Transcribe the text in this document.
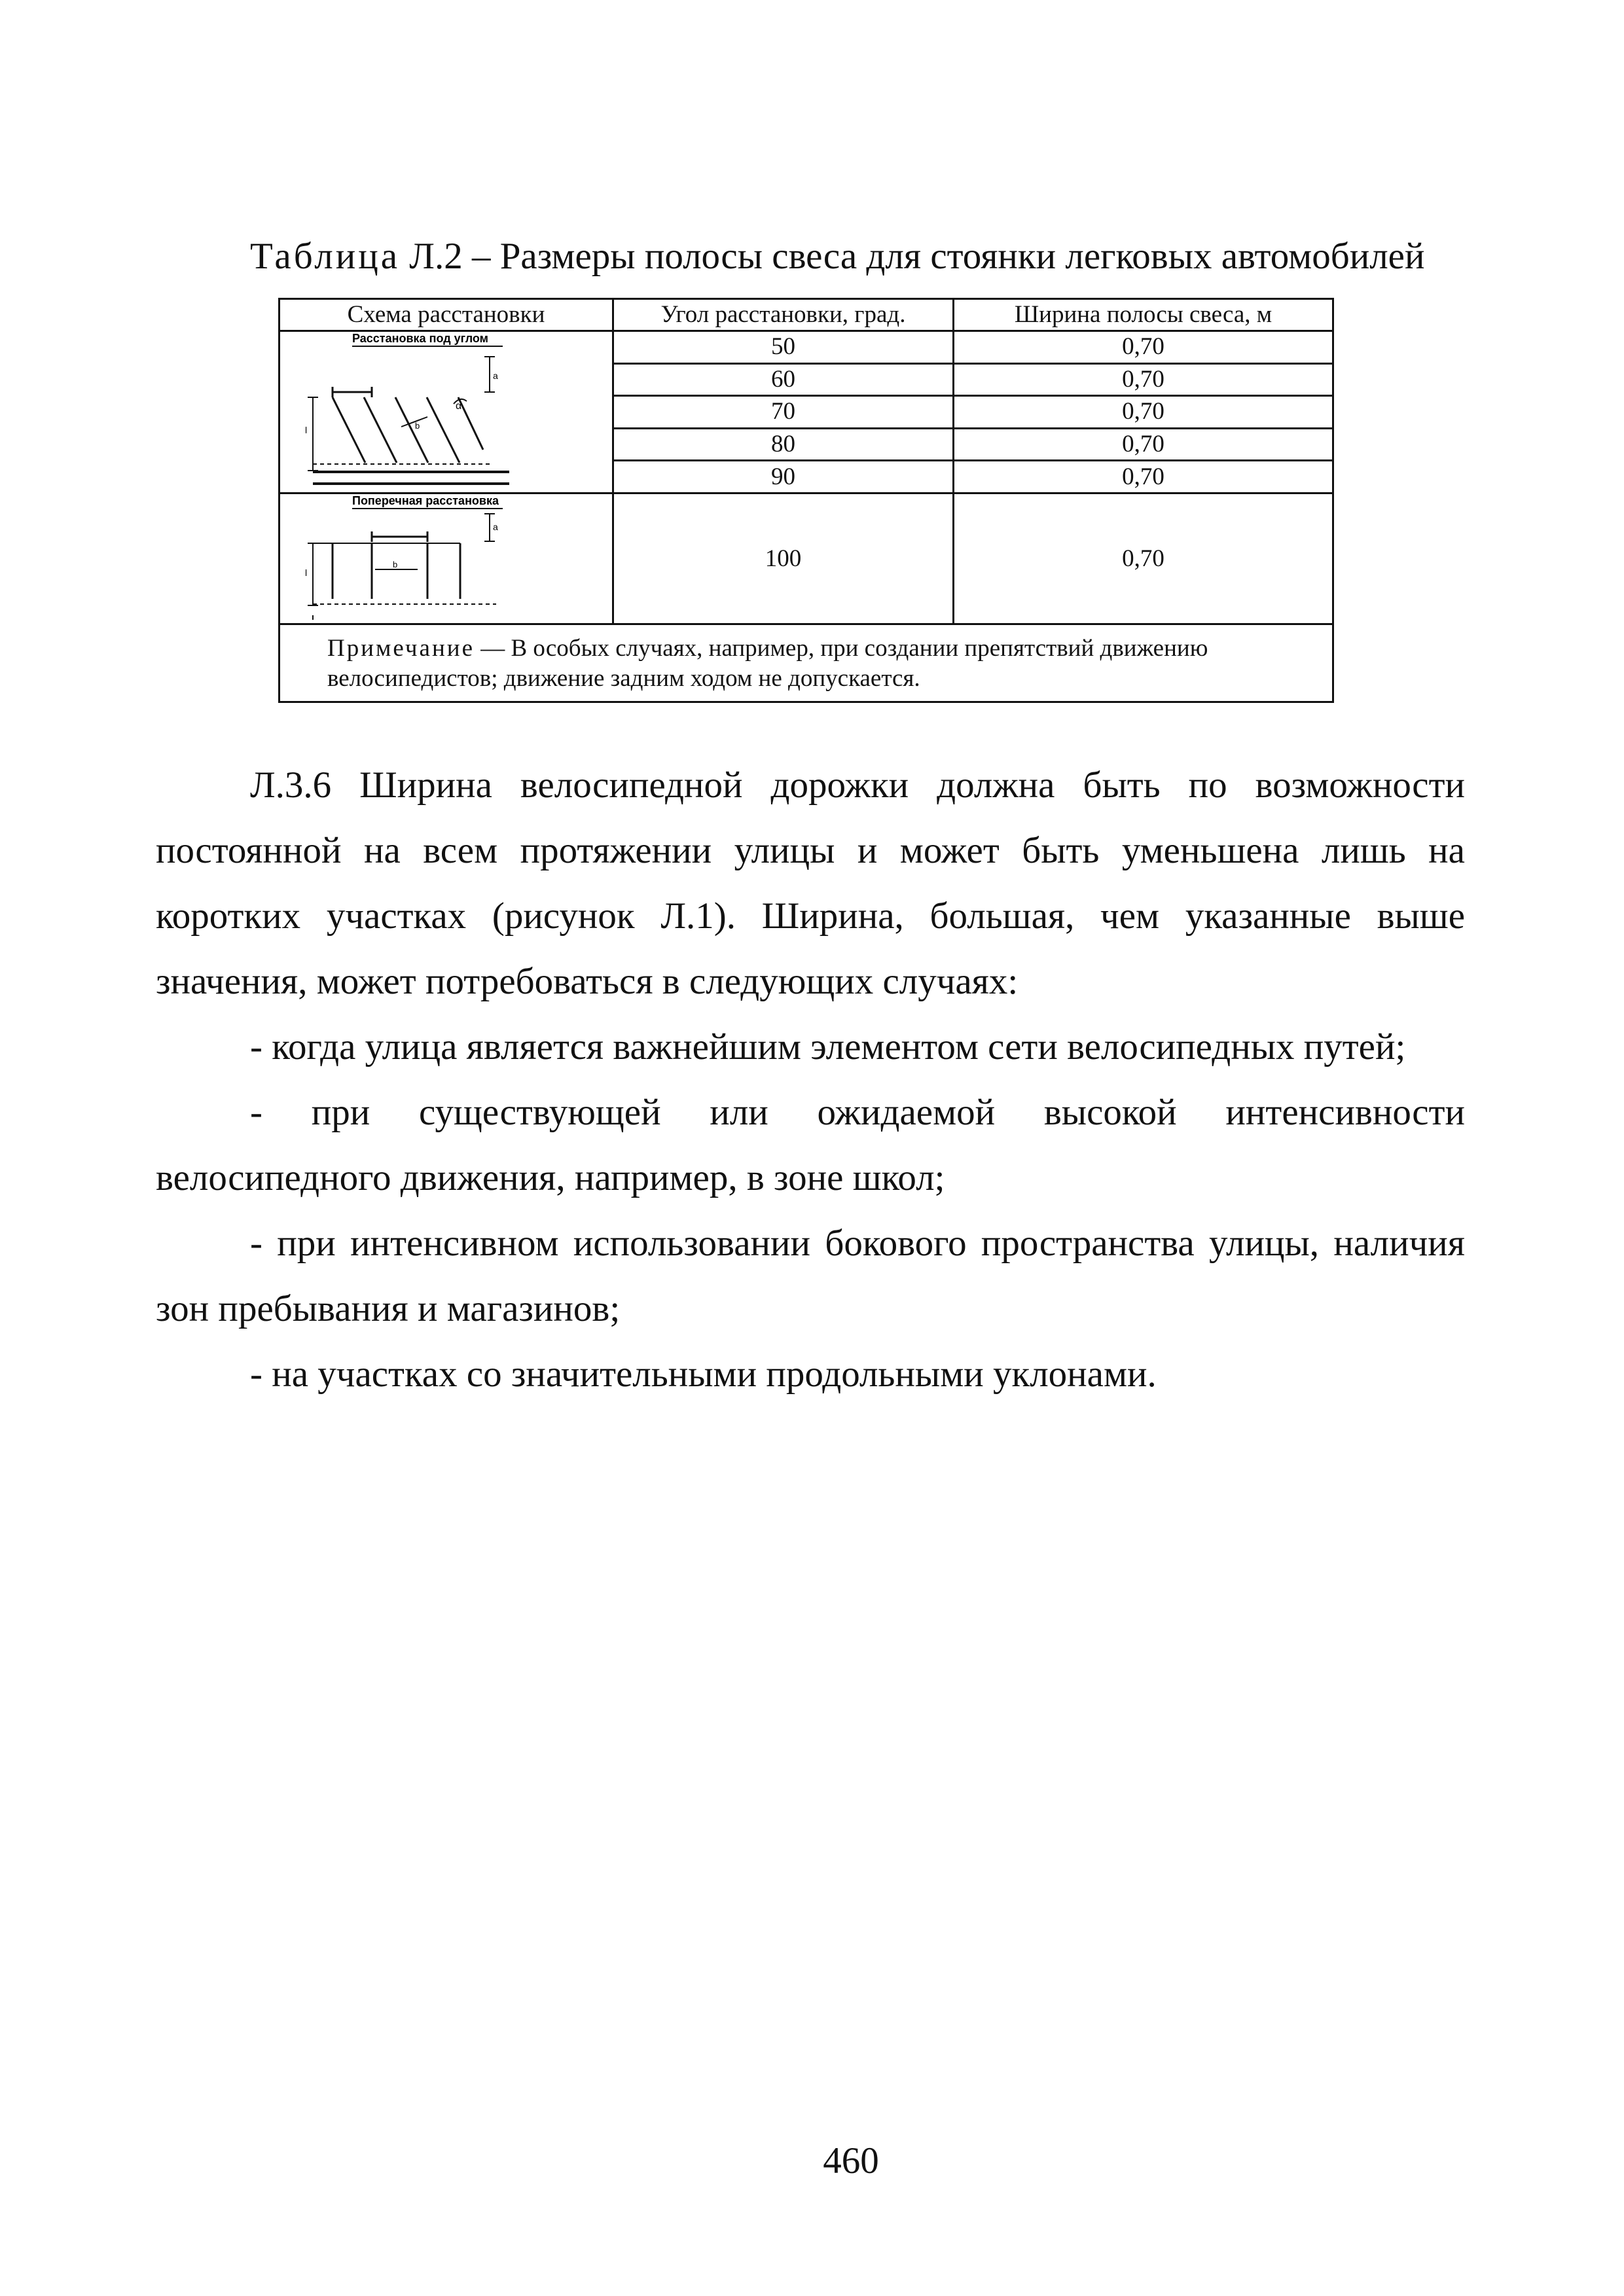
Таблица Л.2 – Размеры полосы свеса для стоянки легковых автомобилей
Схема расстановки	Угол расстановки, град.	Ширина полосы свеса, м

Расстановка под углом
b
α
a
l	50	0,70
	60	0,70
	70	0,70
	80	0,70
	90	0,70

Поперечная расстановка
b
a
l	100	0,70
Примечание — В особых случаях, например, при создании препятствий движению велосипедистов; движение задним ходом не допускается.		

Л.3.6 Ширина велосипедной дорожки должна быть по возможности постоянной на всем протяжении улицы и может быть уменьшена лишь на коротких участках (рисунок Л.1). Ширина, большая, чем указанные выше значения, может потребоваться в следующих случаях:

- когда улица является важнейшим элементом сети велосипедных путей;

- при существующей или ожидаемой высокой интенсивности велосипедного движения, например, в зоне школ;

- при интенсивном использовании бокового пространства улицы, наличия зон пребывания и магазинов;

- на участках со значительными продольными уклонами.

460
